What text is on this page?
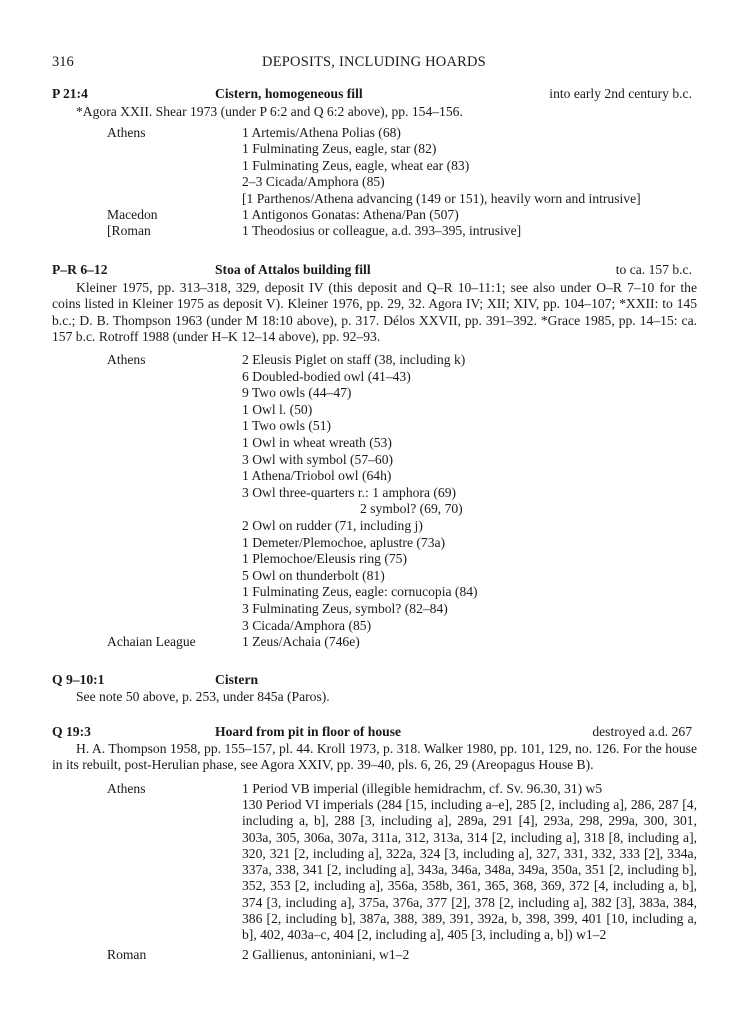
316	DEPOSITS, INCLUDING HOARDS
P 21:4	Cistern, homogeneous fill	into early 2nd century b.c.

*Agora XXII. Shear 1973 (under P 6:2 and Q 6:2 above), pp. 154–156.

Athens	1 Artemis/Athena Polias (68)
1 Fulminating Zeus, eagle, star (82)
1 Fulminating Zeus, eagle, wheat ear (83)
2–3 Cicada/Amphora (85)
[1 Parthenos/Athena advancing (149 or 151), heavily worn and intrusive]
Macedon	1 Antigonos Gonatas: Athena/Pan (507)
[Roman	1 Theodosius or colleague, a.d. 393–395, intrusive]
P–R 6–12	Stoa of Attalos building fill	to ca. 157 b.c.

Kleiner 1975, pp. 313–318, 329, deposit IV (this deposit and Q–R 10–11:1; see also under O–R 7–10 for the coins listed in Kleiner 1975 as deposit V). Kleiner 1976, pp. 29, 32. Agora IV; XII; XIV, pp. 104–107; *XXII: to 145 b.c.; D. B. Thompson 1963 (under M 18:10 above), p. 317. Délos XXVII, pp. 391–392. *Grace 1985, pp. 14–15: ca. 157 b.c. Rotroff 1988 (under H–K 12–14 above), pp. 92–93.

Athens	2 Eleusis Piglet on staff (38, including k)
6 Doubled-bodied owl (41–43)
9 Two owls (44–47)
1 Owl l. (50)
1 Two owls (51)
1 Owl in wheat wreath (53)
3 Owl with symbol (57–60)
1 Athena/Triobol owl (64h)
3 Owl three-quarters r.: 1 amphora (69)
2 symbol? (69, 70)
2 Owl on rudder (71, including j)
1 Demeter/Plemochoe, aplustre (73a)
1 Plemochoe/Eleusis ring (75)
5 Owl on thunderbolt (81)
1 Fulminating Zeus, eagle: cornucopia (84)
3 Fulminating Zeus, symbol? (82–84)
3 Cicada/Amphora (85)
Achaian League	1 Zeus/Achaia (746e)
Q 9–10:1	Cistern

See note 50 above, p. 253, under 845a (Paros).

Q 19:3	Hoard from pit in floor of house	destroyed a.d. 267

H. A. Thompson 1958, pp. 155–157, pl. 44. Kroll 1973, p. 318. Walker 1980, pp. 101, 129, no. 126. For the house in its rebuilt, post-Herulian phase, see Agora XXIV, pp. 39–40, pls. 6, 26, 29 (Areopagus House B).

Athens	1 Period VB imperial (illegible hemidrachm, cf. Sv. 96.30, 31) w5

130 Period VI imperials (284 [15, including a–e], 285 [2, including a], 286, 287 [4, including a, b], 288 [3, including a], 289a, 291 [4], 293a, 298, 299a, 300, 301, 303a, 305, 306a, 307a, 311a, 312, 313a, 314 [2, including a], 318 [8, including a], 320, 321 [2, including a], 322a, 324 [3, including a], 327, 331, 332, 333 [2], 334a, 337a, 338, 341 [2, including a], 343a, 346a, 348a, 349a, 350a, 351 [2, including b], 352, 353 [2, including a], 356a, 358b, 361, 365, 368, 369, 372 [4, including a, b], 374 [3, including a], 375a, 376a, 377 [2], 378 [2, including a], 382 [3], 383a, 384, 386 [2, including b], 387a, 388, 389, 391, 392a, b, 398, 399, 401 [10, including a, b], 402, 403a–c, 404 [2, including a], 405 [3, including a, b]) w1–2

Roman	2 Gallienus, antoniniani, w1–2
